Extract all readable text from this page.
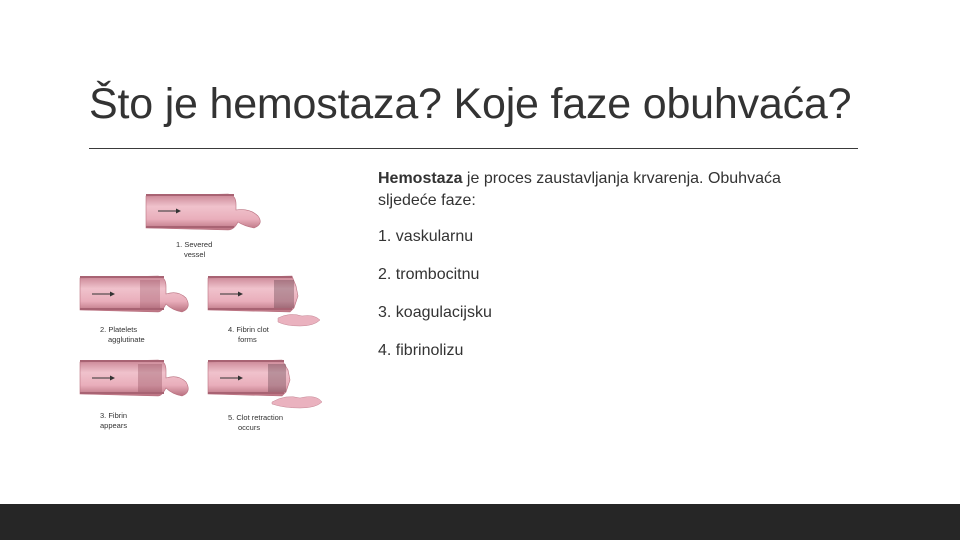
Što je hemostaza? Koje faze obuhvaća?
1. Severed
vessel
2. Platelets
agglutinate
3. Fibrin
appears
4. Fibrin clot
forms
5. Clot retraction
occurs

Hemostaza je proces zaustavljanja krvarenja. Obuhvaća sljedeće faze:

1. vaskularnu
2. trombocitnu
3. koagulacijsku
4. fibrinolizu
